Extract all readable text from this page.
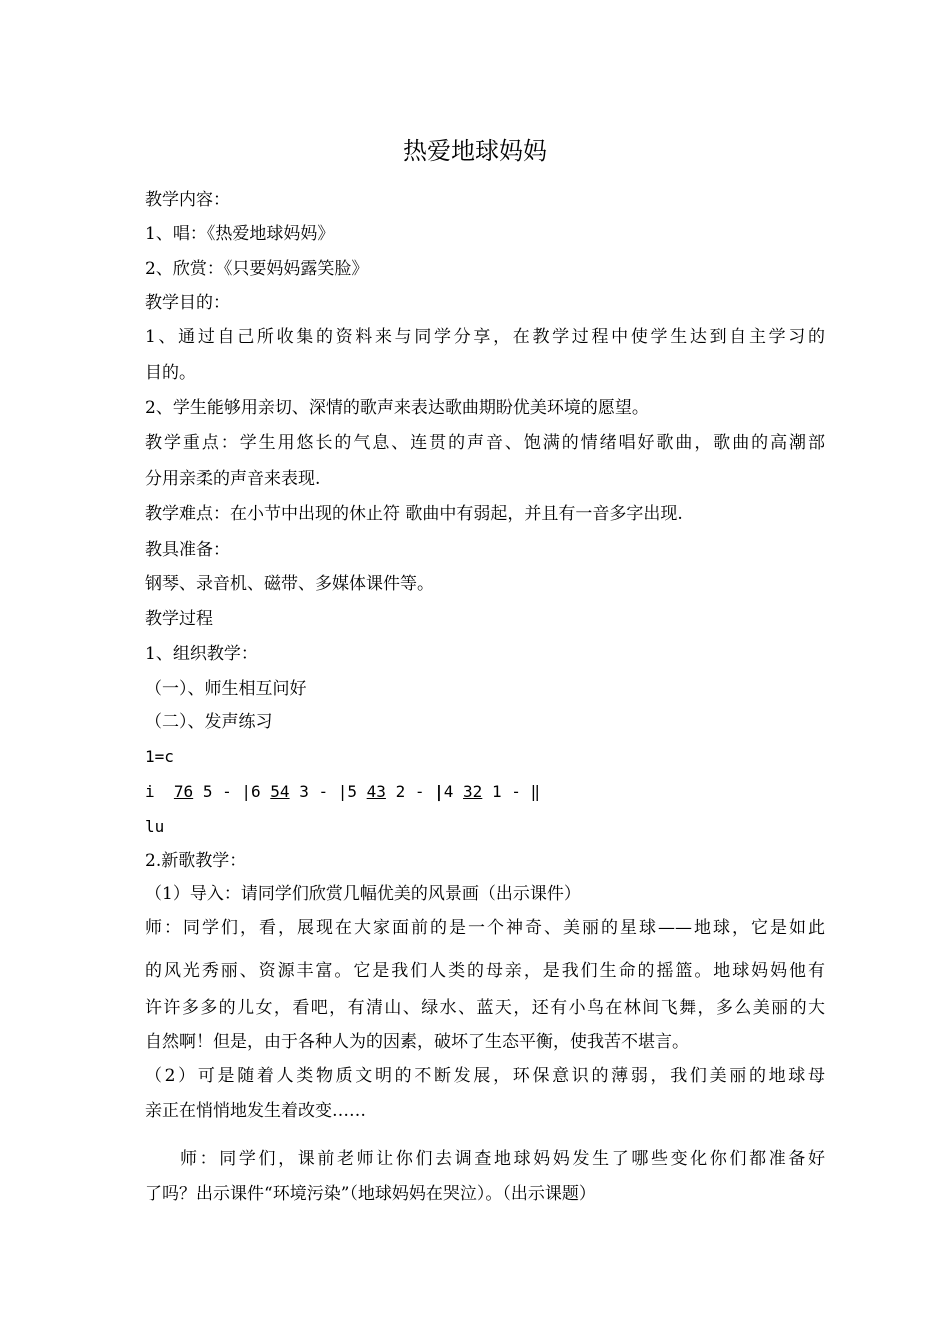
热爱地球妈妈
教学内容：
1、唱：《热爱地球妈妈》
2、欣赏：《只要妈妈露笑脸》
教学目的：
1、通过自己所收集的资料来与同学分享，在教学过程中使学生达到自主学习的
目的。
2、学生能够用亲切、深情的歌声来表达歌曲期盼优美环境的愿望。
教学重点：学生用悠长的气息、连贯的声音、饱满的情绪唱好歌曲，歌曲的高潮部
分用亲柔的声音来表现.
教学难点：在小节中出现的休止符 歌曲中有弱起，并且有一音多字出现.
教具准备：
钢琴、录音机、磁带、多媒体课件等。
教学过程
1、组织教学：
（一）、师生相互问好
（二）、发声练习
1=c
i 76 5 - |6 54 3 - |5 43 2 - |4 32 1 - ‖
lu
2.新歌教学：
（1）导入：请同学们欣赏几幅优美的风景画（出示课件）
师：同学们，看，展现在大家面前的是一个神奇、美丽的星球——地球，它是如此
的风光秀丽、资源丰富。它是我们人类的母亲，是我们生命的摇篮。地球妈妈他有
许许多多的儿女，看吧，有清山、绿水、蓝天，还有小鸟在林间飞舞，多么美丽的大
自然啊！但是，由于各种人为的因素，破坏了生态平衡，使我苦不堪言。
（2）可是随着人类物质文明的不断发展，环保意识的薄弱，我们美丽的地球母
亲正在悄悄地发生着改变……
师：同学们，课前老师让你们去调查地球妈妈发生了哪些变化你们都准备好
了吗？出示课件“环境污染”（地球妈妈在哭泣）。（出示课题）
